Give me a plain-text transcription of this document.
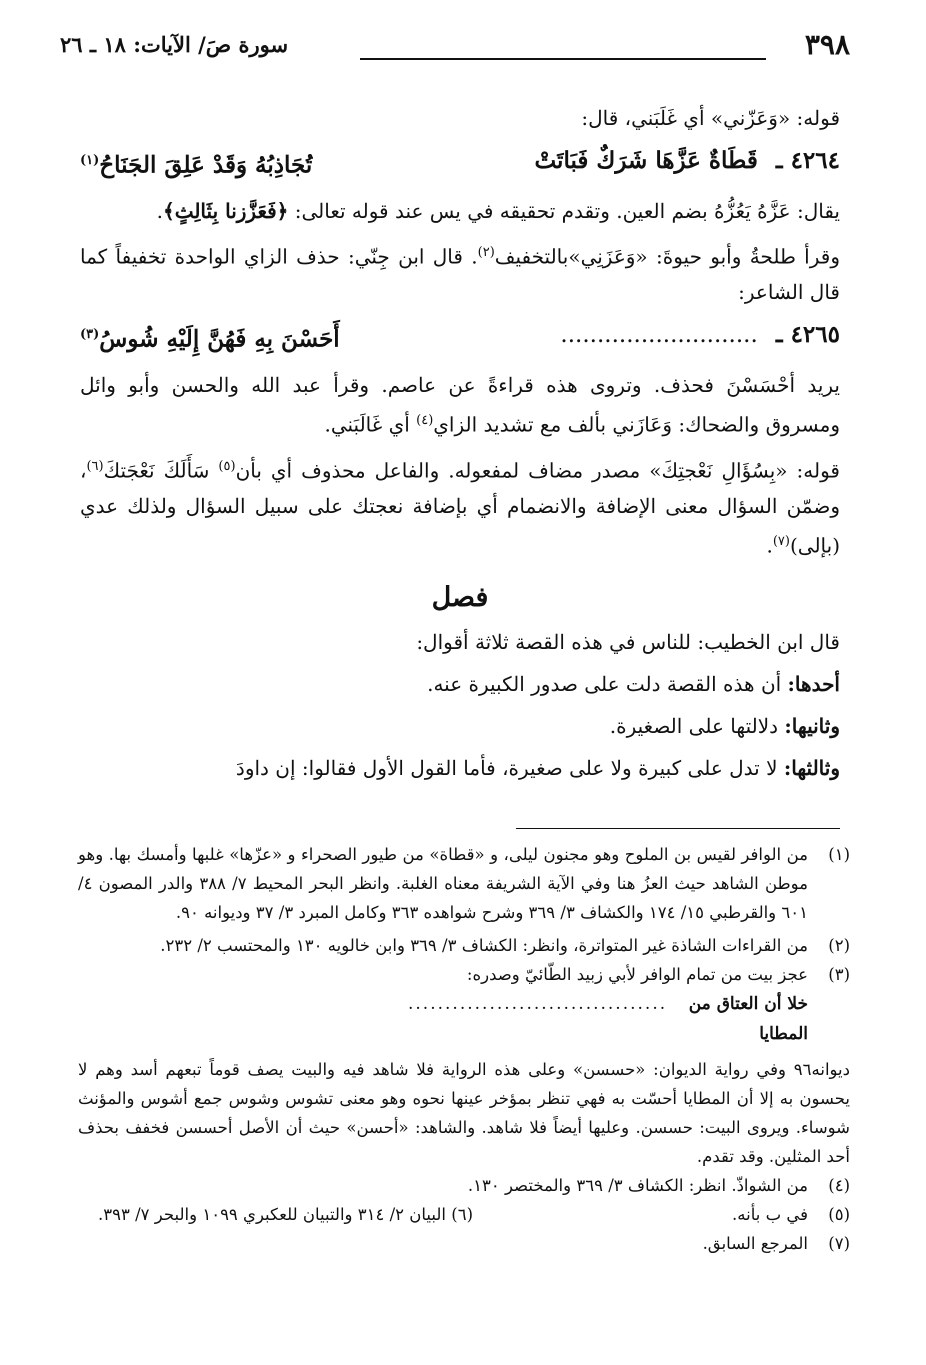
٣٩٨
سورة صَ/ الآيات: ١٨ ـ ٢٦

قوله: «وَعَزّني» أي غَلَبَني، قال:

٤٢٦٤ ـ قَطَاةٌ عَزَّهَا شَرَكٌ فَبَاتَتْ
تُجَاذِبُهُ وَقَدْ عَلِقَ الجَنَاحُ$^{(١)}$

يقال: عَزَّهُ يَعُزُّهُ بضم العين. وتقدم تحقيقه في يس عند قوله تعالى: ﴿فَعَزَّزنا بِثَالِثٍ﴾.

وقرأ طلحةُ وأبو حيوةَ: «وَعَزَنِي»بالتخفيف$^{(٢)}$. قال ابن جِنّي: حذف الزاي الواحدة تخفيفاً كما قال الشاعر:

٤٢٦٥ ـ ...........................
أَحَسْنَ بِهِ فَهُنَّ إِلَيْهِ شُوسُ$^{(٣)}$

يريد أحْسَسْنَ فحذف. وتروى هذه قراءةً عن عاصم. وقرأ عبد الله والحسن وأبو وائل ومسروق والضحاك: وَعَازَني بألف مع تشديد الزاي$^{(٤)}$ أي غَالَبَني.

قوله: «بِسُؤَالِ نَعْجتِكَ» مصدر مضاف لمفعوله. والفاعل محذوف أي بأن$^{(٥)}$ سَأَلَكَ نَعْجَتكَ$^{(٦)}$، وضمّن السؤال معنى الإضافة والانضمام أي بإضافة نعجتك على سبيل السؤال ولذلك عدي (بإلى)$^{(٧)}$.

فصل

قال ابن الخطيب: للناس في هذه القصة ثلاثة أقوال:

أحدها: أن هذه القصة دلت على صدور الكبيرة عنه.

وثانيها: دلالتها على الصغيرة.

وثالثها: لا تدل على كبيرة ولا على صغيرة، فأما القول الأول فقالوا: إن داودَ

(١)
من الوافر لقيس بن الملوح وهو مجنون ليلى، و «قطاة» من طيور الصحراء و «عزّها» غلبها وأمسك بها. وهو موطن الشاهد حيث العزُ هنا وفي الآية الشريفة معناه الغلبة. وانظر البحر المحيط ٧/ ٣٨٨ والدر المصون ٤/ ٦٠١ والقرطبي ١٥/ ١٧٤ والكشاف ٣/ ٣٦٩ وشرح شواهده ٣٦٣ وكامل المبرد ٣/ ٣٧ وديوانه ٩٠.
(٢)
من القراءات الشاذة غير المتواترة، وانظر: الكشاف ٣/ ٣٦٩ وابن خالويه ١٣٠ والمحتسب ٢/ ٢٣٢.
(٣)
عجز بيت من تمام الوافر لأبي زبيد الطّائيّ وصدره:
خلا أن العتاق من المطايا
...................................
ديوانه٩٦ وفي رواية الديوان: «حسسن» وعلى هذه الرواية فلا شاهد فيه والبيت يصف قوماً تبعهم أسد وهم لا يحسون به إلا أن المطايا أحسّت به فهي تنظر بمؤخر عينها نحوه وهو معنى تشوس وشوس جمع أشوس والمؤنث شوساء. ويروى البيت: حسسن. وعليها أيضاً فلا شاهد. والشاهد: «أحسن» حيث أن الأصل أحسسن فخفف بحذف أحد المثلين. وقد تقدم.
(٤)
من الشواذّ. انظر: الكشاف ٣/ ٣٦٩ والمختصر ١٣٠.
(٥)
في ب بأنه.
(٦) البيان ٢/ ٣١٤ والتبيان للعكبري ١٠٩٩ والبحر ٧/ ٣٩٣.
(٧)
المرجع السابق.
